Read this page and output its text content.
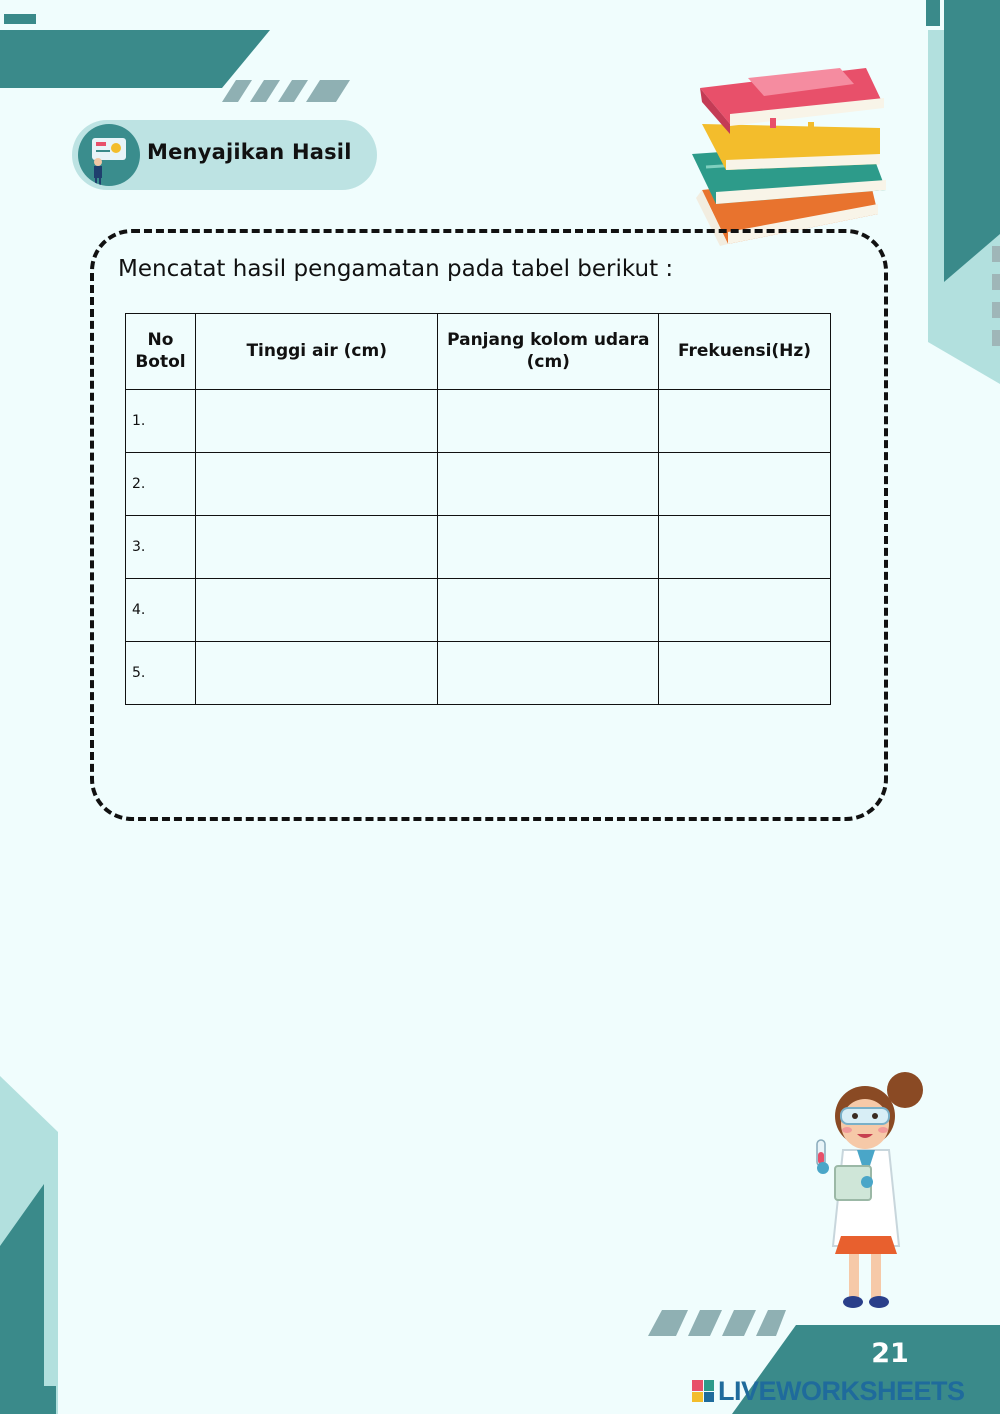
Menyajikan Hasil
Mencatat hasil pengamatan pada tabel berikut :
No Botol	Tinggi air (cm)	Panjang kolom udara (cm)	Frekuensi(Hz)
1.			
2.			
3.			
4.			
5.			
21
LIVEWORKSHEETS
